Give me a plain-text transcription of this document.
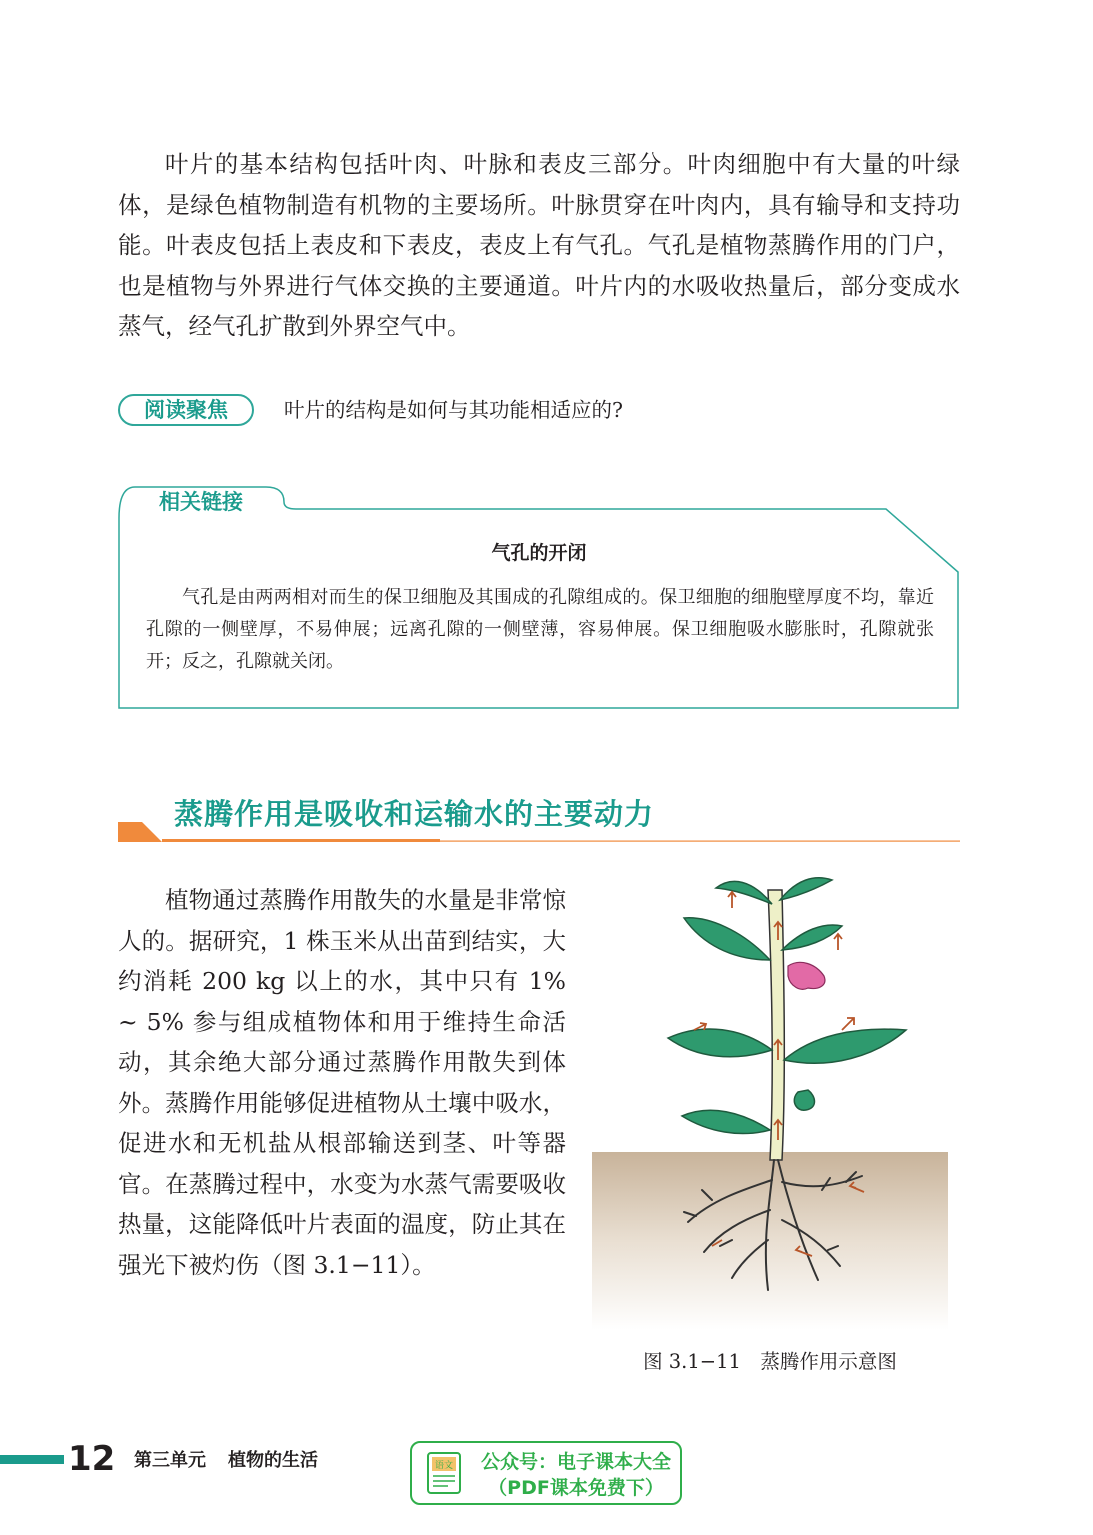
叶片的基本结构包括叶肉、叶脉和表皮三部分。叶肉细胞中有大量的叶绿体，是绿色植物制造有机物的主要场所。叶脉贯穿在叶肉内，具有输导和支持功能。叶表皮包括上表皮和下表皮，表皮上有气孔。气孔是植物蒸腾作用的门户，也是植物与外界进行气体交换的主要通道。叶片内的水吸收热量后，部分变成水蒸气，经气孔扩散到外界空气中。

阅读聚焦	叶片的结构是如何与其功能相适应的?
相关链接
气孔的开闭

气孔是由两两相对而生的保卫细胞及其围成的孔隙组成的。保卫细胞的细胞壁厚度不均，靠近孔隙的一侧壁厚，不易伸展；远离孔隙的一侧壁薄，容易伸展。保卫细胞吸水膨胀时，孔隙就张开；反之，孔隙就关闭。

蒸腾作用是吸收和运输水的主要动力

植物通过蒸腾作用散失的水量是非常惊人的。据研究，1 株玉米从出苗到结实，大约消耗 200 kg 以上的水，其中只有 1% ~ 5% 参与组成植物体和用于维持生命活动，其余绝大部分通过蒸腾作用散失到体外。蒸腾作用能够促进植物从土壤中吸水，促进水和无机盐从根部输送到茎、叶等器官。在蒸腾过程中，水变为水蒸气需要吸收热量，这能降低叶片表面的温度，防止其在强光下被灼伤（图 3.1−11）。

图 3.1−11　蒸腾作用示意图
12 第三单元 植物的生活	语文	公众号：电子课本大全
（PDF课本免费下）
